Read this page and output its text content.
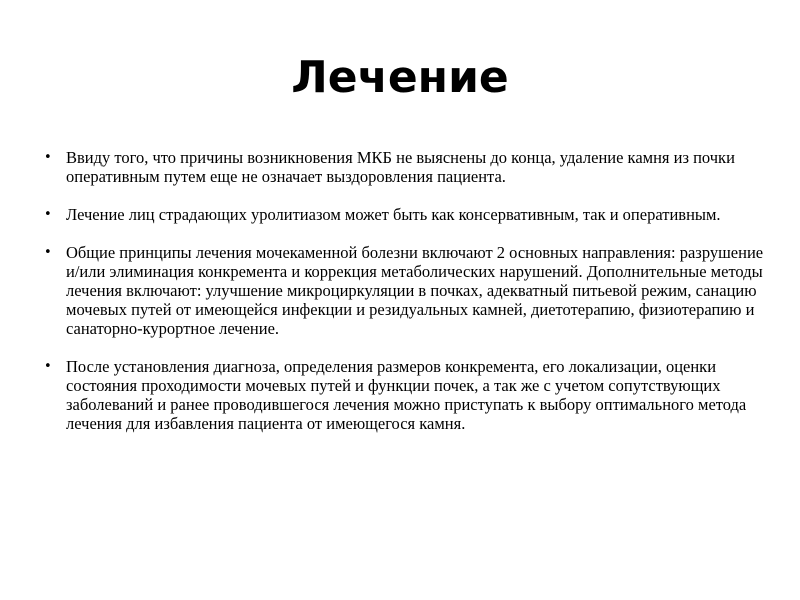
Лечение
• Ввиду того, что причины возникновения МКБ не выяснены до конца, удаление камня из почки оперативным путем еще не означает выздоровления пациента.
• Лечение лиц страдающих уролитиазом может быть как консервативным, так и оперативным.
• Общие принципы лечения мочекаменной болезни включают 2 основных направления: разрушение и/или элиминация конкремента и коррекция метаболических нарушений. Дополнительные методы лечения включают: улучшение микроциркуляции в почках, адекватный питьевой режим, санацию мочевых путей от имеющейся инфекции и резидуальных камней, диетотерапию, физиотерапию и санаторно-курортное лечение.
• После установления диагноза, определения размеров конкремента, его локализации, оценки состояния проходимости мочевых путей и функции почек, а так же с учетом сопутствующих заболеваний и ранее проводившегося лечения можно приступать к выбору оптимального метода лечения для избавления пациента от имеющегося камня.
